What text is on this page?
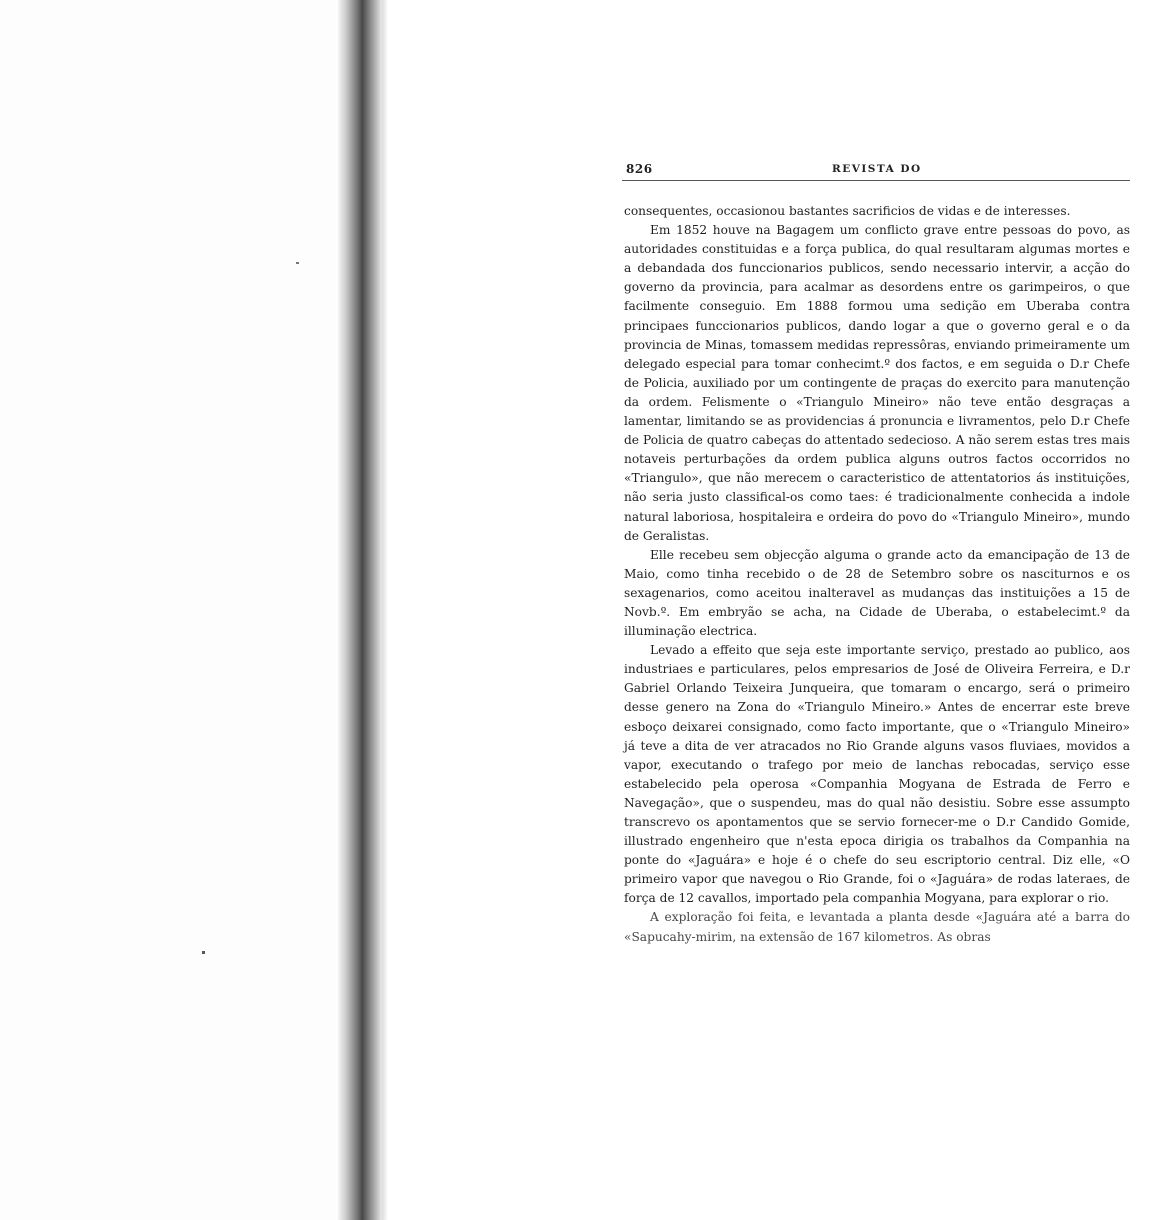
826	REVISTA DO

consequentes, occasionou bastantes sacrificios de vidas e de interesses.

Em 1852 houve na Bagagem um conflicto grave entre pessoas do povo, as autoridades constituidas e a força publica, do qual resultaram algumas mortes e a debandada dos funccionarios publicos, sendo necessario intervir, a acção do governo da provincia, para acalmar as desordens entre os garimpeiros, o que facilmente conseguio. Em 1888 formou uma sedição em Uberaba contra principaes funccionarios publicos, dando logar a que o governo geral e o da provincia de Minas, tomassem medidas repressôras, enviando primeiramente um delegado especial para tomar conhecimt.º dos factos, e em seguida o D.r Chefe de Policia, auxiliado por um contingente de praças do exercito para manutenção da ordem. Felismente o «Triangulo Mineiro» não teve então desgraças a lamentar, limitando se as providencias á pronuncia e livramentos, pelo D.r Chefe de Policia de quatro cabeças do attentado sedecioso. A não serem estas tres mais notaveis perturbações da ordem publica alguns outros factos occorridos no «Triangulo», que não merecem o caracteristico de attentatorios ás instituições, não seria justo classifical-os como taes: é tradicionalmente conhecida a indole natural laboriosa, hospitaleira e ordeira do povo do «Triangulo Mineiro», mundo de Geralistas.

Elle recebeu sem objecção alguma o grande acto da emancipação de 13 de Maio, como tinha recebido o de 28 de Setembro sobre os nasciturnos e os sexagenarios, como aceitou inalteravel as mudanças das instituições a 15 de Novb.º. Em embryão se acha, na Cidade de Uberaba, o estabelecimt.º da illuminação electrica.

Levado a effeito que seja este importante serviço, prestado ao publico, aos industriaes e particulares, pelos empresarios de José de Oliveira Ferreira, e D.r Gabriel Orlando Teixeira Junqueira, que tomaram o encargo, será o primeiro desse genero na Zona do «Triangulo Mineiro.» Antes de encerrar este breve esboço deixarei consignado, como facto importante, que o «Triangulo Mineiro» já teve a dita de ver atracados no Rio Grande alguns vasos fluviaes, movidos a vapor, executando o trafego por meio de lanchas rebocadas, serviço esse estabelecido pela operosa «Companhia Mogyana de Estrada de Ferro e Navegação», que o suspendeu, mas do qual não desistiu. Sobre esse assumpto transcrevo os apontamentos que se servio fornecer-me o D.r Candido Gomide, illustrado engenheiro que n'esta epoca dirigia os trabalhos da Companhia na ponte do «Jaguára» e hoje é o chefe do seu escriptorio central. Diz elle, «O primeiro vapor que navegou o Rio Grande, foi o «Jaguára» de rodas lateraes, de força de 12 cavallos, importado pela companhia Mogyana, para explorar o rio.

A exploração foi feita, e levantada a planta desde «Jaguára até a barra do «Sapucahy-mirim, na extensão de 167 kilometros. As obras
